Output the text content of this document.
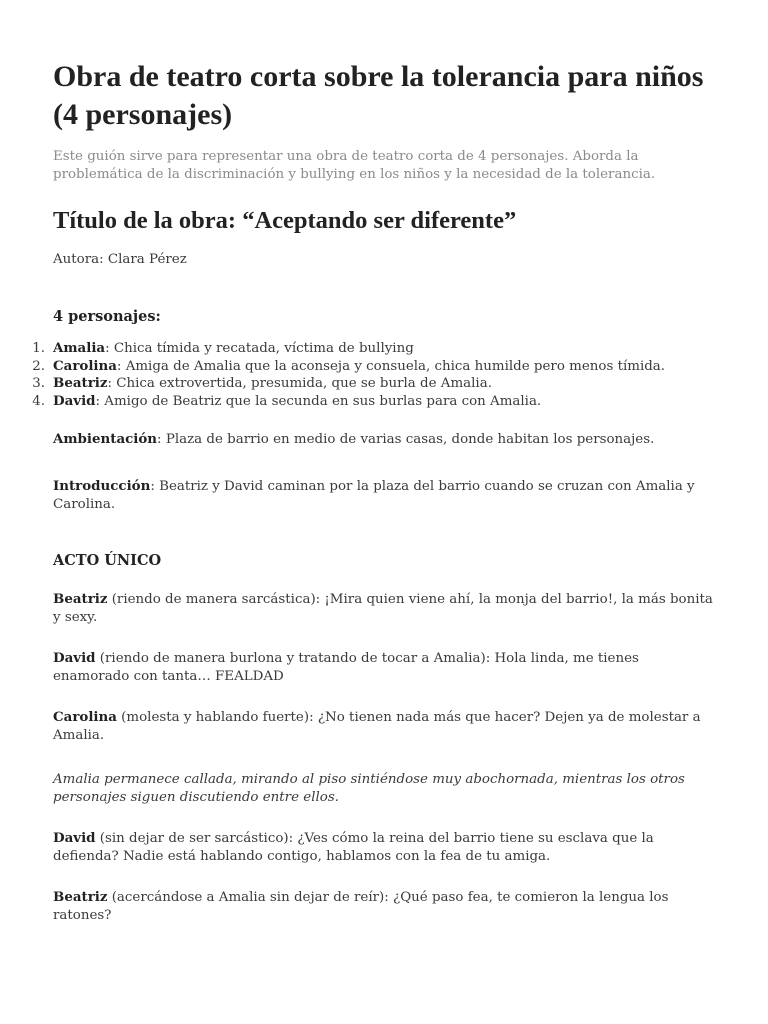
Obra de teatro corta sobre la tolerancia para niños (4 personajes)

Este guión sirve para representar una obra de teatro corta de 4 personajes. Aborda la problemática de la discriminación y bullying en los niños y la necesidad de la tolerancia.

Título de la obra: “Aceptando ser diferente”

Autora: Clara Pérez

4 personajes:
1. Amalia: Chica tímida y recatada, víctima de bullying
2. Carolina: Amiga de Amalia que la aconseja y consuela, chica humilde pero menos tímida.
3. Beatriz: Chica extrovertida, presumida, que se burla de Amalia.
4. David: Amigo de Beatriz que la secunda en sus burlas para con Amalia.

Ambientación: Plaza de barrio en medio de varias casas, donde habitan los personajes.

Introducción: Beatriz y David caminan por la plaza del barrio cuando se cruzan con Amalia y Carolina.

ACTO ÚNICO

Beatriz (riendo de manera sarcástica): ¡Mira quien viene ahí, la monja del barrio!, la más bonita y sexy.

David (riendo de manera burlona y tratando de tocar a Amalia): Hola linda, me tienes enamorado con tanta… FEALDAD

Carolina (molesta y hablando fuerte): ¿No tienen nada más que hacer? Dejen ya de molestar a Amalia.

Amalia permanece callada, mirando al piso sintiéndose muy abochornada, mientras los otros personajes siguen discutiendo entre ellos.

David (sin dejar de ser sarcástico): ¿Ves cómo la reina del barrio tiene su esclava que la defienda? Nadie está hablando contigo, hablamos con la fea de tu amiga.

Beatriz (acercándose a Amalia sin dejar de reír): ¿Qué paso fea, te comieron la lengua los ratones?
